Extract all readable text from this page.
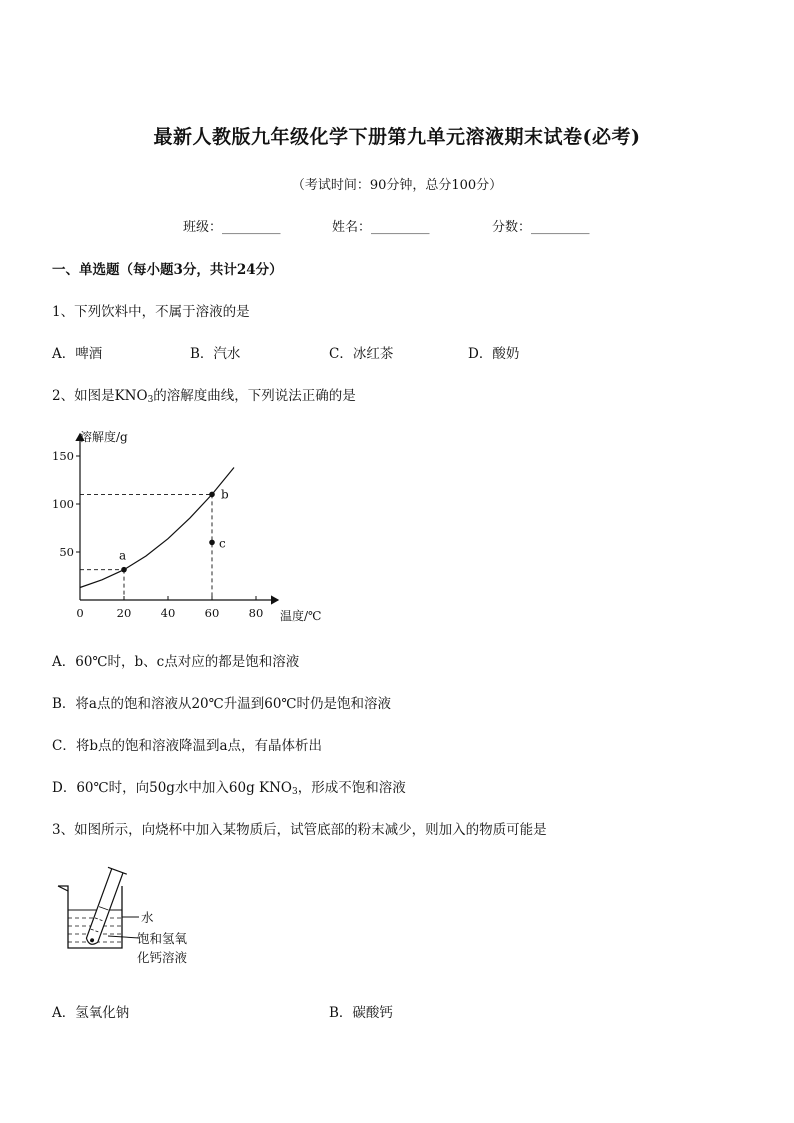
最新人教版九年级化学下册第九单元溶液期末试卷(必考)
（考试时间：90分钟，总分100分）
班级：_________	姓名：_________	分数：_________
一、单选题（每小题3分，共计24分）
1、下列饮料中，不属于溶液的是
A．啤酒	B．汽水	C．冰红茶	D．酸奶
2、如图是$KNO_3$的溶解度曲线，下列说法正确的是
溶解度/g
温度/℃
150
100
50
0	20	40	60	80
a
b
c
A．60℃时，b、c点对应的都是饱和溶液
B．将a点的饱和溶液从20℃升温到60℃时仍是饱和溶液
C．将b点的饱和溶液降温到a点，有晶体析出
D．60℃时，向50g水中加入60g $KNO_3$，形成不饱和溶液
3、如图所示，向烧杯中加入某物质后，试管底部的粉末减少，则加入的物质可能是
水
饱和氢氧
化钙溶液
A．氢氧化钠	B．碳酸钙
